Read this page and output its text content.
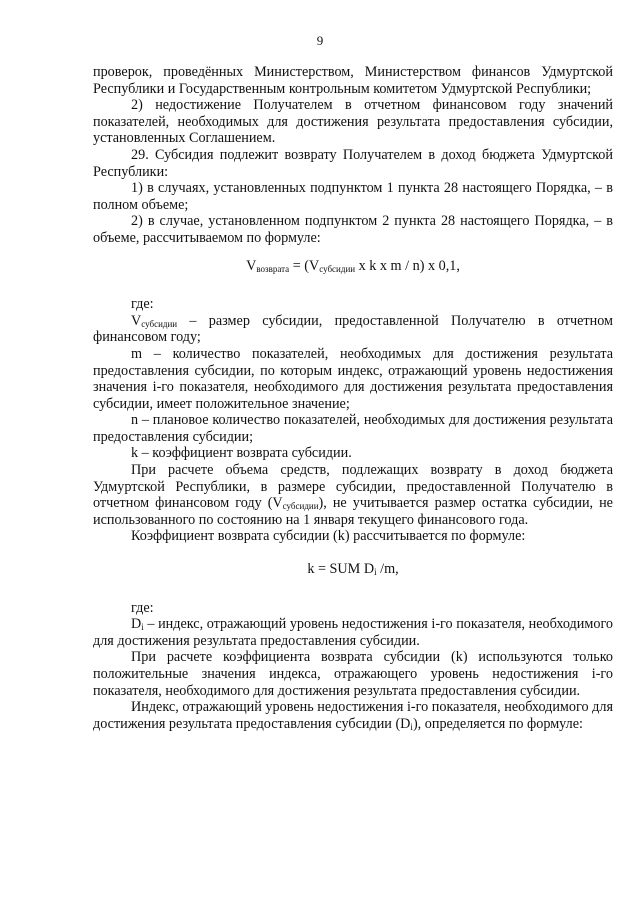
9

проверок, проведённых Министерством, Министерством финансов Удмуртской Республики и Государственным контрольным комитетом Удмуртской Республики;

2) недостижение Получателем в отчетном финансовом году значений показателей, необходимых для достижения результата предоставления субсидии, установленных Соглашением.

29. Субсидия подлежит возврату Получателем в доход бюджета Удмуртской Республики:

1) в случаях, установленных подпунктом 1 пункта 28 настоящего Порядка, – в полном объеме;

2) в случае, установленном подпунктом 2 пункта 28 настоящего Порядка, – в объеме, рассчитываемом по формуле:

$V_{возврата} = (V_{субсидии}$ x k x m / n) x 0,1,

где:

$V_{субсидии}$ – размер субсидии, предоставленной Получателю в отчетном финансовом году;

m – количество показателей, необходимых для достижения результата предоставления субсидии, по которым индекс, отражающий уровень недостижения значения i-го показателя, необходимого для достижения результата предоставления субсидии, имеет положительное значение;

n – плановое количество показателей, необходимых для достижения результата предоставления субсидии;

k – коэффициент возврата субсидии.

При расчете объема средств, подлежащих возврату в доход бюджета Удмуртской Республики, в размере субсидии, предоставленной Получателю в отчетном финансовом году $(V_{субсидии})$, не учитывается размер остатка субсидии, не использованного по состоянию на 1 января текущего финансового года.

Коэффициент возврата субсидии (k) рассчитывается по формуле:

k = SUM $D_i$ /m,

где:

$D_i$ – индекс, отражающий уровень недостижения i-го показателя, необходимого для достижения результата предоставления субсидии.

При расчете коэффициента возврата субсидии (k) используются только положительные значения индекса, отражающего уровень недостижения i-го показателя, необходимого для достижения результата предоставления субсидии.

Индекс, отражающий уровень недостижения i-го показателя, необходимого для достижения результата предоставления субсидии $(D_i)$, определяется по формуле:
